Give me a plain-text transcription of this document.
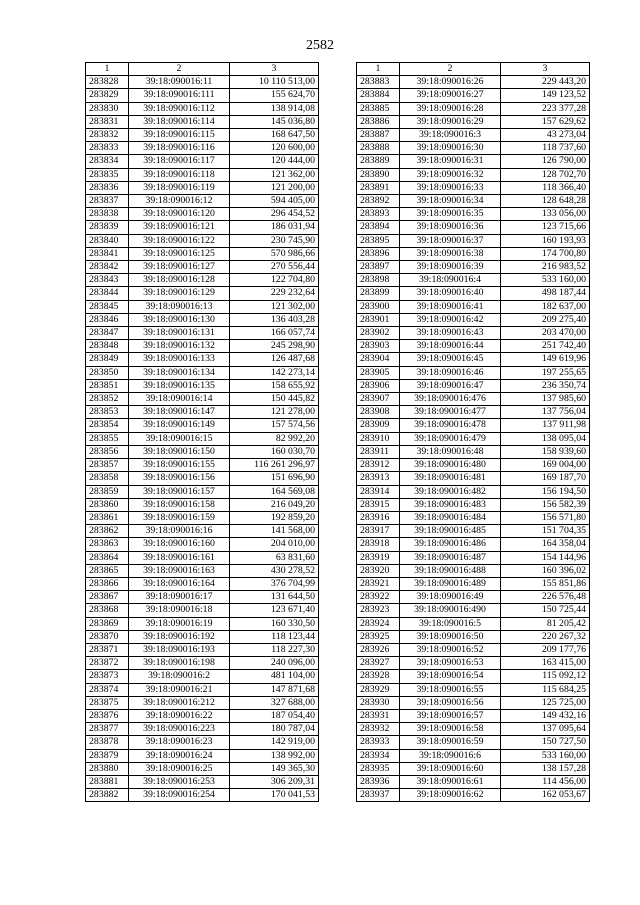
2582
1	2	3
283828	39:18:090016:11	10 110 513,00
283829	39:18:090016:111	155 624,70
283830	39:18:090016:112	138 914,08
283831	39:18:090016:114	145 036,80
283832	39:18:090016:115	168 647,50
283833	39:18:090016:116	120 600,00
283834	39:18:090016:117	120 444,00
283835	39:18:090016:118	121 362,00
283836	39:18:090016:119	121 200,00
283837	39:18:090016:12	594 405,00
283838	39:18:090016:120	296 454,52
283839	39:18:090016:121	186 031,94
283840	39:18:090016:122	230 745,90
283841	39:18:090016:125	570 986,66
283842	39:18:090016:127	270 556,44
283843	39:18:090016:128	122 704,80
283844	39:18:090016:129	229 232,64
283845	39:18:090016:13	121 302,00
283846	39:18:090016:130	136 403,28
283847	39:18:090016:131	166 057,74
283848	39:18:090016:132	245 298,90
283849	39:18:090016:133	126 487,68
283850	39:18:090016:134	142 273,14
283851	39:18:090016:135	158 655,92
283852	39:18:090016:14	150 445,82
283853	39:18:090016:147	121 278,00
283854	39:18:090016:149	157 574,56
283855	39:18:090016:15	82 992,20
283856	39:18:090016:150	160 030,70
283857	39:18:090016:155	116 261 296,97
283858	39:18:090016:156	151 696,90
283859	39:18:090016:157	164 569,08
283860	39:18:090016:158	216 049,20
283861	39:18:090016:159	192 859,20
283862	39:18:090016:16	141 568,00
283863	39:18:090016:160	204 010,00
283864	39:18:090016:161	63 831,60
283865	39:18:090016:163	430 278,52
283866	39:18:090016:164	376 704,99
283867	39:18:090016:17	131 644,50
283868	39:18:090016:18	123 671,40
283869	39:18:090016:19	160 330,50
283870	39:18:090016:192	118 123,44
283871	39:18:090016:193	118 227,30
283872	39:18:090016:198	240 096,00
283873	39:18:090016:2	481 104,00
283874	39:18:090016:21	147 871,68
283875	39:18:090016:212	327 688,00
283876	39:18:090016:22	187 054,40
283877	39:18:090016:223	180 787,04
283878	39:18:090016:23	142 919,00
283879	39:18:090016:24	138 992,00
283880	39:18:090016:25	149 365,30
283881	39:18:090016:253	306 209,31
283882	39:18:090016:254	170 041,53
1	2	3
283883	39:18:090016:26	229 443,20
283884	39:18:090016:27	149 123,52
283885	39:18:090016:28	223 377,28
283886	39:18:090016:29	157 629,62
283887	39:18:090016:3	43 273,04
283888	39:18:090016:30	118 737,60
283889	39:18:090016:31	126 790,00
283890	39:18:090016:32	128 702,70
283891	39:18:090016:33	118 366,40
283892	39:18:090016:34	128 648,28
283893	39:18:090016:35	133 056,00
283894	39:18:090016:36	123 715,66
283895	39:18:090016:37	160 193,93
283896	39:18:090016:38	174 700,80
283897	39:18:090016:39	216 983,52
283898	39:18:090016:4	533 160,00
283899	39:18:090016:40	498 187,44
283900	39:18:090016:41	182 637,00
283901	39:18:090016:42	209 275,40
283902	39:18:090016:43	203 470,00
283903	39:18:090016:44	251 742,40
283904	39:18:090016:45	149 619,96
283905	39:18:090016:46	197 255,65
283906	39:18:090016:47	236 350,74
283907	39:18:090016:476	137 985,60
283908	39:18:090016:477	137 756,04
283909	39:18:090016:478	137 911,98
283910	39:18:090016:479	138 095,04
283911	39:18:090016:48	158 939,60
283912	39:18:090016:480	169 004,00
283913	39:18:090016:481	169 187,70
283914	39:18:090016:482	156 194,50
283915	39:18:090016:483	156 582,39
283916	39:18:090016:484	156 571,80
283917	39:18:090016:485	151 704,35
283918	39:18:090016:486	164 358,04
283919	39:18:090016:487	154 144,96
283920	39:18:090016:488	160 396,02
283921	39:18:090016:489	155 851,86
283922	39:18:090016:49	226 576,48
283923	39:18:090016:490	150 725,44
283924	39:18:090016:5	81 205,42
283925	39:18:090016:50	220 267,32
283926	39:18:090016:52	209 177,76
283927	39:18:090016:53	163 415,00
283928	39:18:090016:54	115 092,12
283929	39:18:090016:55	115 684,25
283930	39:18:090016:56	125 725,00
283931	39:18:090016:57	149 432,16
283932	39:18:090016:58	137 095,64
283933	39:18:090016:59	150 727,50
283934	39:18:090016:6	533 160,00
283935	39:18:090016:60	138 157,28
283936	39:18:090016:61	114 456,00
283937	39:18:090016:62	162 053,67
